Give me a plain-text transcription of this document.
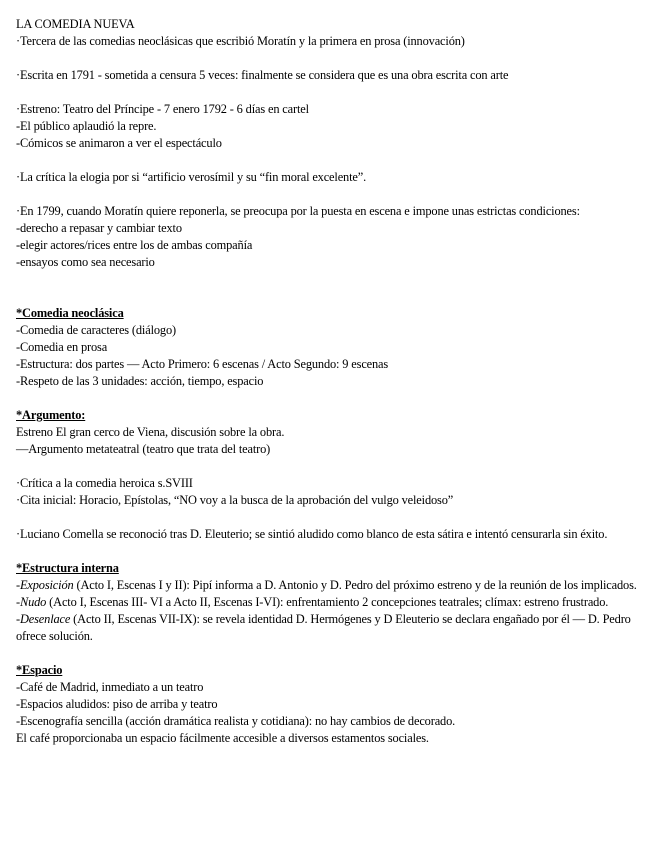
LA COMEDIA NUEVA
·Tercera de las comedias neoclásicas que escribió Moratín y la primera en prosa (innovación)
·Escrita en 1791 - sometida a censura 5 veces: finalmente se considera que es una obra escrita con arte
·Estreno: Teatro del Príncipe - 7 enero 1792 - 6 días en cartel
-El público aplaudió la repre.
-Cómicos se animaron a ver el espectáculo
·La crítica la elogia por si “artificio verosímil y su “fin moral excelente”.
·En 1799, cuando Moratín quiere reponerla, se preocupa por la puesta en escena e impone unas estrictas condiciones:
-derecho a repasar y cambiar texto
-elegir actores/rices entre los de ambas compañía
-ensayos como sea necesario
*Comedia neoclásica
-Comedia de caracteres (diálogo)
-Comedia en prosa
-Estructura: dos partes — Acto Primero: 6 escenas / Acto Segundo: 9 escenas
-Respeto de las 3 unidades: acción, tiempo, espacio
*Argumento:
Estreno El gran cerco de Viena, discusión sobre la obra.
—Argumento metateatral (teatro que trata del teatro)
·Crítica a la comedia heroica s.SVIII
·Cita inicial: Horacio, Epístolas, “NO voy a la busca de la aprobación del vulgo veleidoso”
·Luciano Comella se reconoció tras D. Eleuterio; se sintió aludido como blanco de esta sátira e intentó censurarla sin éxito.
*Estructura interna
-Exposición (Acto I, Escenas I y II): Pipí informa a D. Antonio y D. Pedro del próximo estreno y de la reunión de los implicados.
-Nudo (Acto I, Escenas III- VI a Acto II, Escenas I-VI): enfrentamiento 2 concepciones teatrales; clímax: estreno frustrado.
-Desenlace (Acto II, Escenas VII-IX): se revela identidad D. Hermógenes y D Eleuterio se declara engañado por él — D. Pedro ofrece solución.
*Espacio
-Café de Madrid, inmediato a un teatro
-Espacios aludidos: piso de arriba y teatro
-Escenografía sencilla (acción dramática realista y cotidiana): no hay cambios de decorado.
El café proporcionaba un espacio fácilmente accesible a diversos estamentos sociales.
